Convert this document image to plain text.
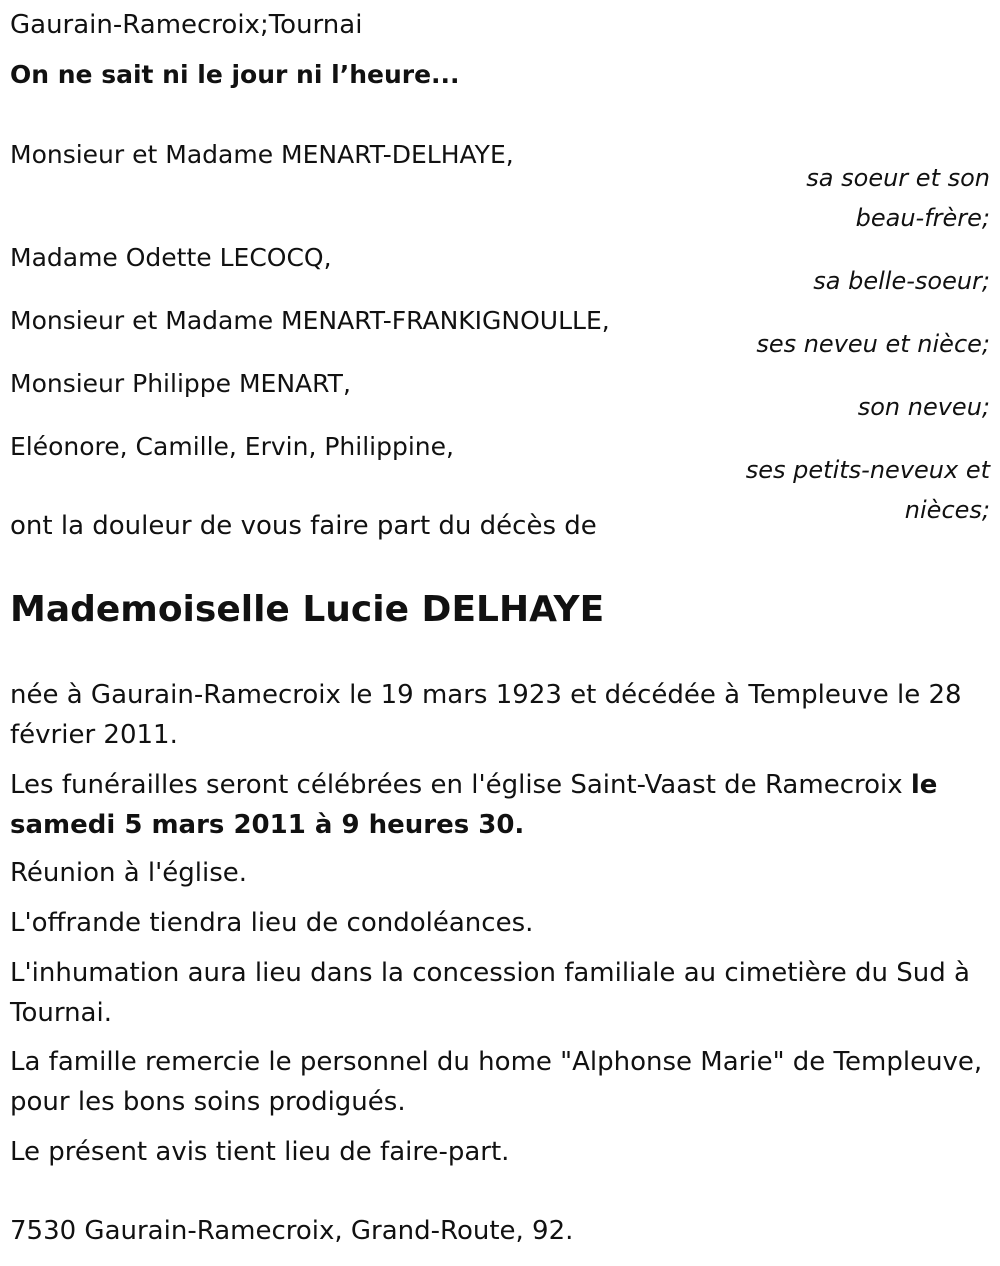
Gaurain-Ramecroix;Tournai
On ne sait ni le jour ni l’heure...
Monsieur et Madame MENART-DELHAYE,
sa soeur et son
beau-frère;
Madame Odette LECOCQ,
sa belle-soeur;
Monsieur et Madame MENART-FRANKIGNOULLE,
ses neveu et nièce;
Monsieur Philippe MENART,
son neveu;
Eléonore, Camille, Ervin, Philippine,
ses petits-neveux et
nièces;
ont la douleur de vous faire part du décès de
Mademoiselle Lucie DELHAYE
née à Gaurain-Ramecroix le 19 mars 1923 et décédée à Templeuve le 28 février 2011.
Les funérailles seront célébrées en l'église Saint-Vaast de Ramecroix le samedi 5 mars 2011 à 9 heures 30.
Réunion à l'église.
L'offrande tiendra lieu de condoléances.
L'inhumation aura lieu dans la concession familiale au cimetière du Sud à Tournai.
La famille remercie le personnel du home "Alphonse Marie" de Templeuve, pour les bons soins prodigués.
Le présent avis tient lieu de faire-part.
7530 Gaurain-Ramecroix, Grand-Route, 92.
